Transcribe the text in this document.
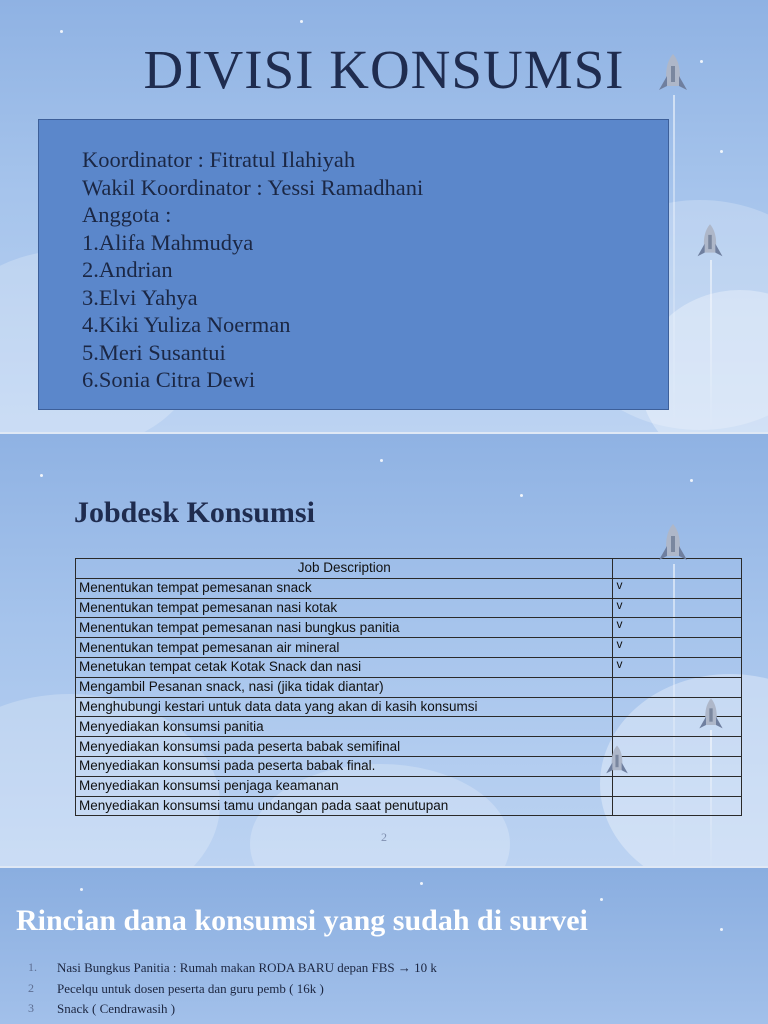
DIVISI KONSUMSI
Koordinator : Fitratul Ilahiyah
Wakil Koordinator : Yessi Ramadhani
Anggota :
1.Alifa Mahmudya
2.Andrian
3.Elvi Yahya
4.Kiki Yuliza Noerman
5.Meri Susantui
6.Sonia Citra Dewi
Jobdesk Konsumsi
Job Description	
Menentukan tempat pemesanan snack	v
Menentukan tempat pemesanan nasi kotak	v
Menentukan tempat pemesanan nasi bungkus panitia	v
Menentukan tempat pemesanan air mineral	v
Menetukan tempat cetak Kotak Snack dan nasi	v
Mengambil Pesanan snack, nasi (jika tidak diantar)	
Menghubungi kestari untuk data data yang akan di kasih konsumsi	
Menyediakan konsumsi panitia	
Menyediakan konsumsi pada peserta babak semifinal	
Menyediakan konsumsi pada peserta babak final.	
Menyediakan konsumsi penjaga keamanan	
Menyediakan konsumsi tamu undangan pada saat penutupan	
2
Rincian dana konsumsi yang sudah di survei
1.	Nasi Bungkus Panitia : Rumah makan RODA BARU depan FBS → 10 k
2	Pecelqu untuk dosen peserta dan guru pemb ( 16k )
3	Snack ( Cendrawasih )
